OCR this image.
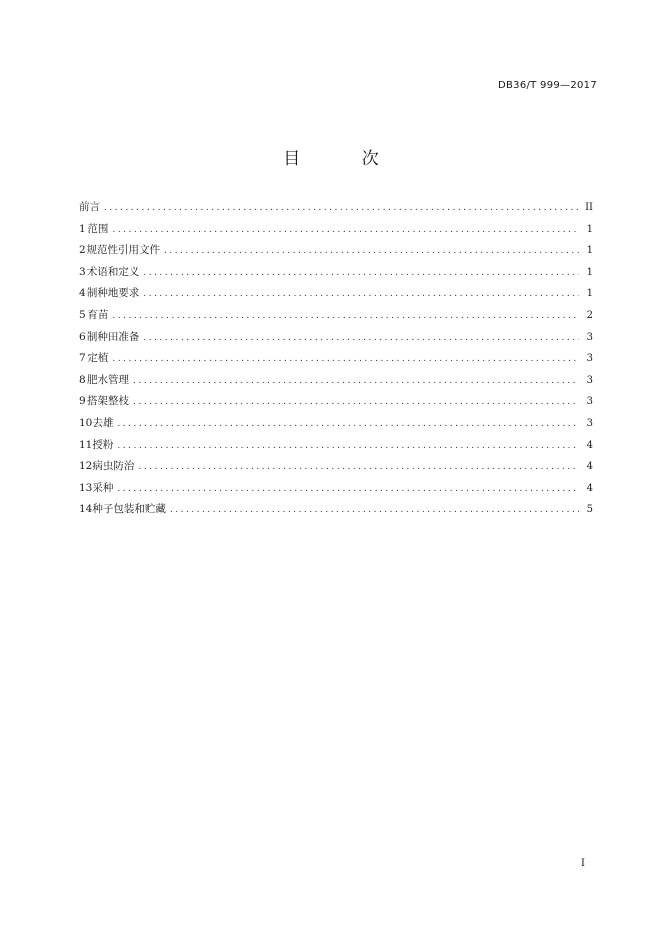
DB36/T 999—2017
目 次
前言 .....	II
1 范围 .....	1
2 规范性引用文件 .....	1
3 术语和定义 .....	1
4 制种地要求 .....	1
5 育苗 .....	2
6 制种田准备 .....	3
7 定植 .....	3
8 肥水管理 .....	3
9 搭架整枝 .....	3
10 去雄 .....	3
11 授粉 .....	4
12 病虫防治 .....	4
13 采种 .....	4
14 种子包装和贮藏 .....	5
I
